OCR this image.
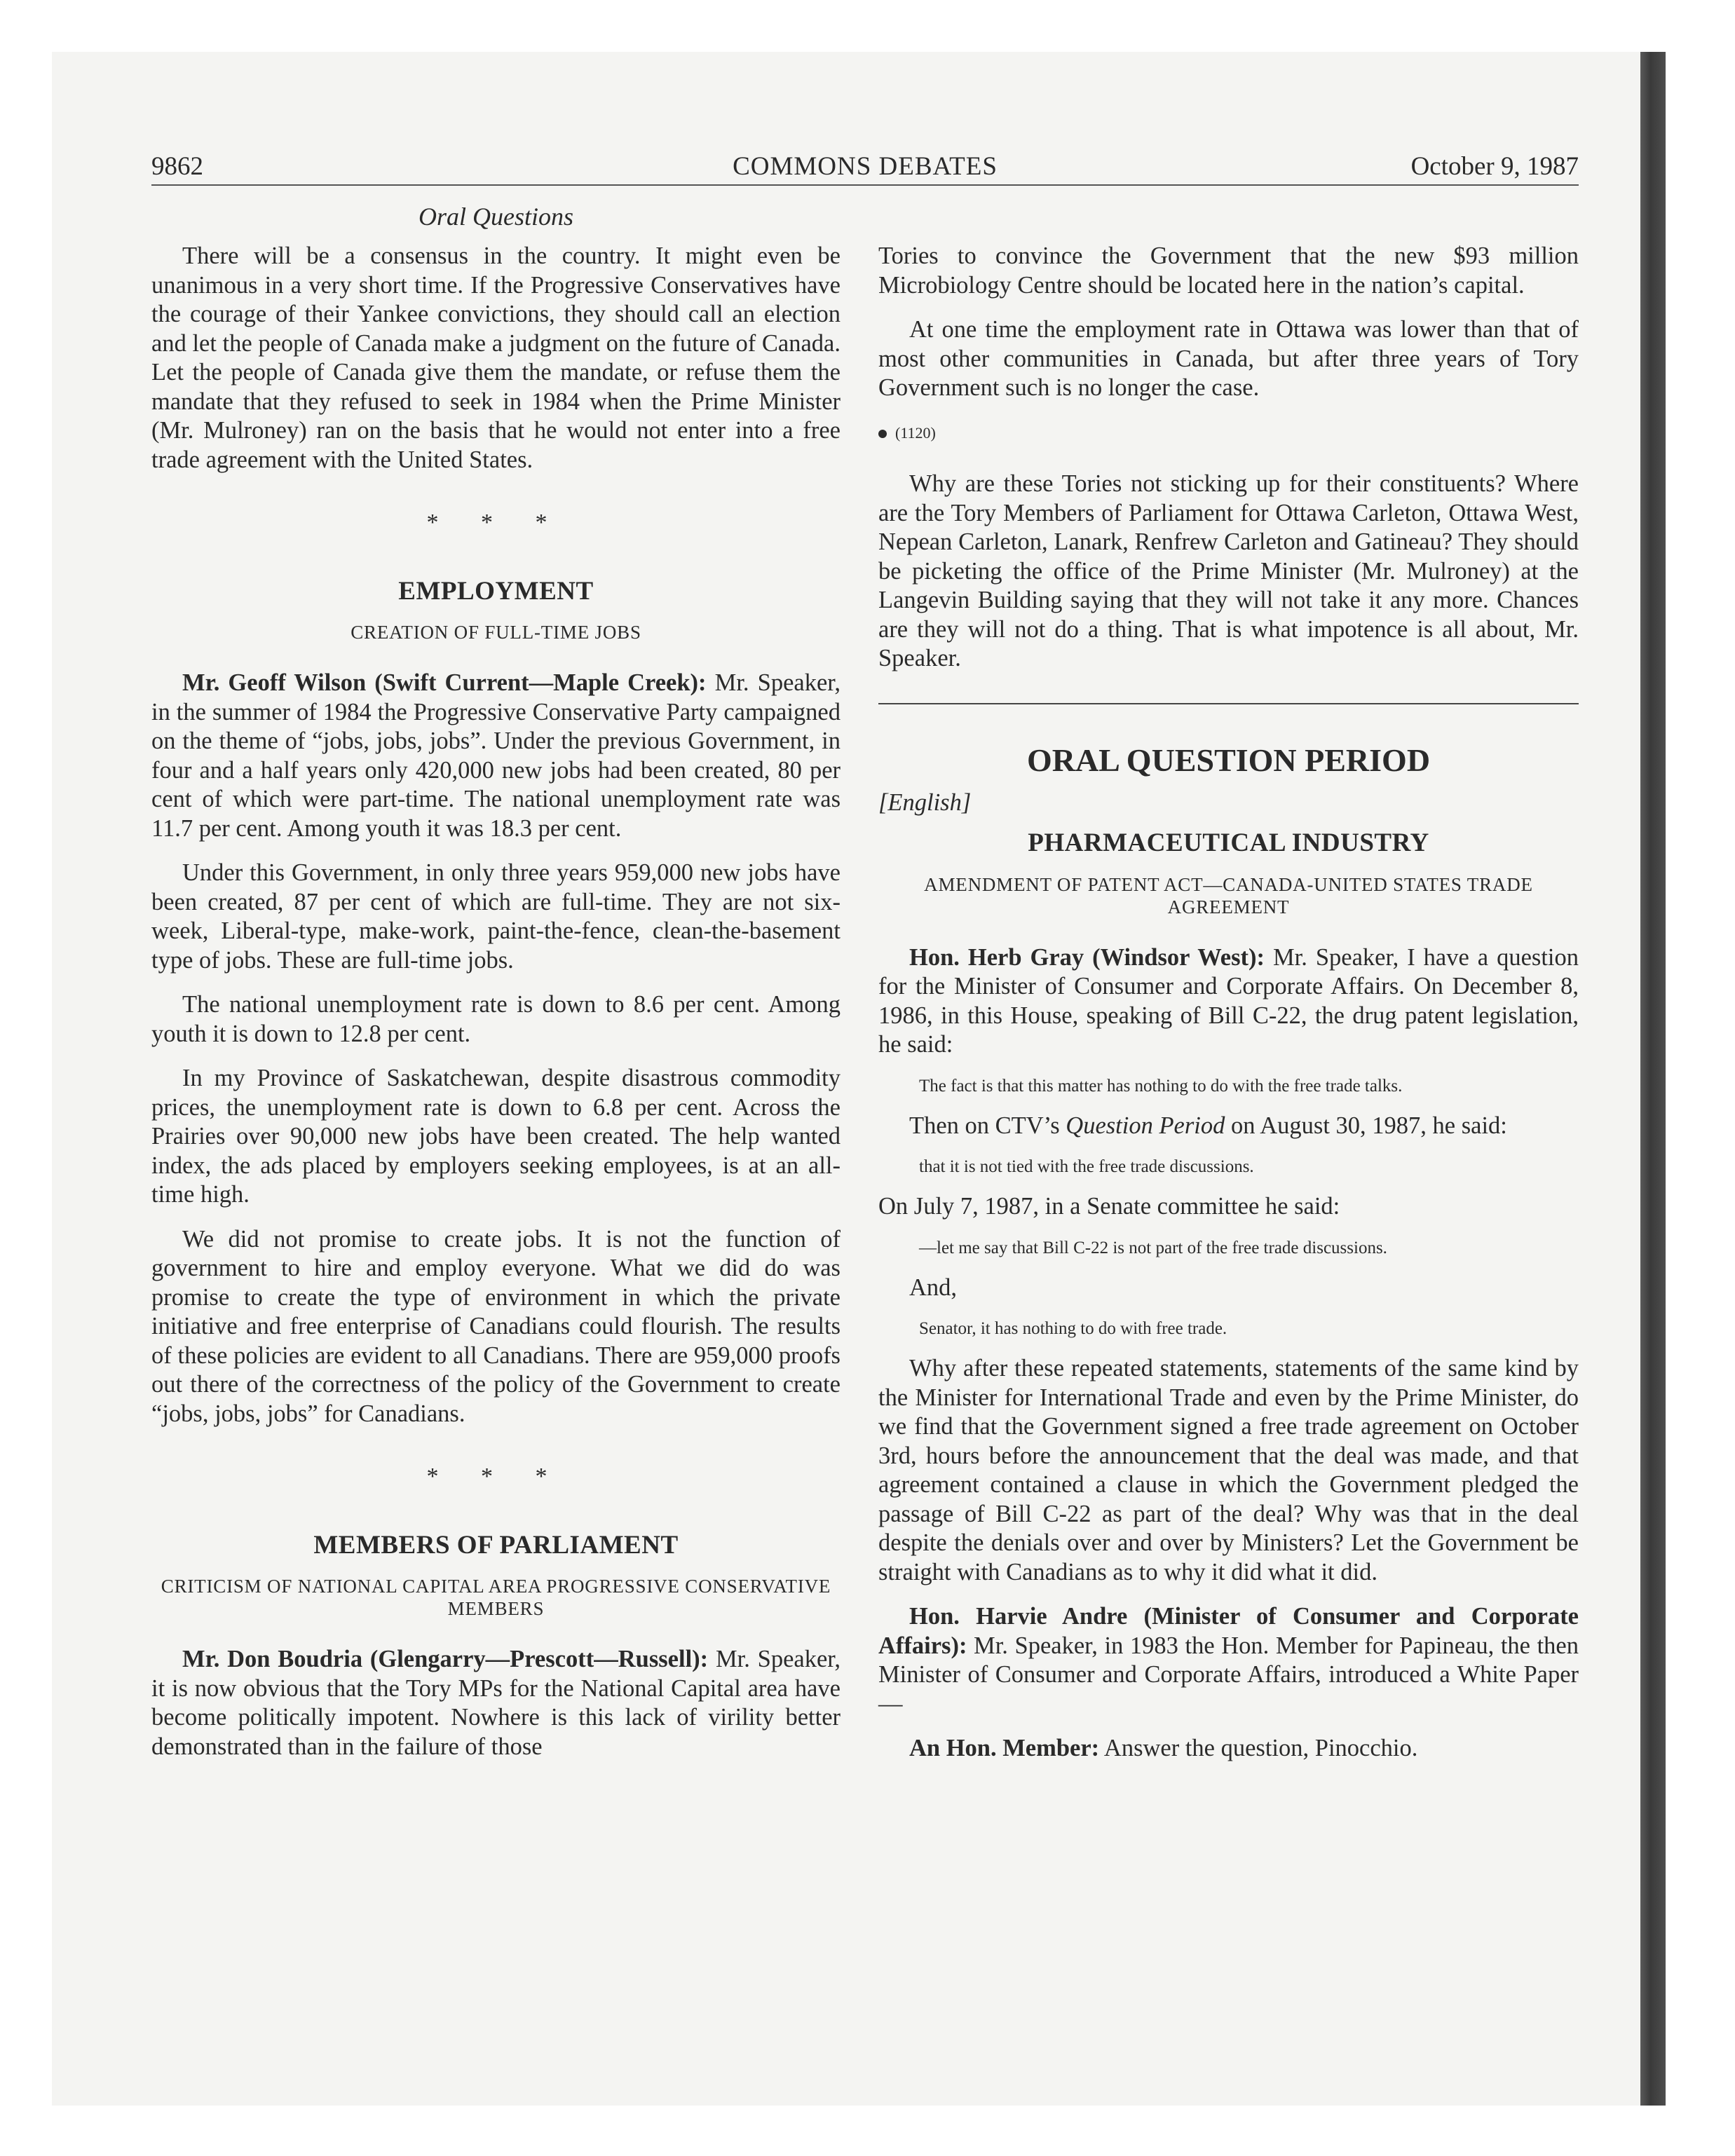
9862	COMMONS DEBATES	October 9, 1987
Oral Questions

There will be a consensus in the country. It might even be unanimous in a very short time. If the Progressive Conservatives have the courage of their Yankee convictions, they should call an election and let the people of Canada make a judgment on the future of Canada. Let the people of Canada give them the mandate, or refuse them the mandate that they refused to seek in 1984 when the Prime Minister (Mr. Mulroney) ran on the basis that he would not enter into a free trade agreement with the United States.

* * *
EMPLOYMENT
CREATION OF FULL-TIME JOBS

Mr. Geoff Wilson (Swift Current—Maple Creek): Mr. Speaker, in the summer of 1984 the Progressive Conservative Party campaigned on the theme of “jobs, jobs, jobs”. Under the previous Government, in four and a half years only 420,000 new jobs had been created, 80 per cent of which were part-time. The national unemployment rate was 11.7 per cent. Among youth it was 18.3 per cent.

Under this Government, in only three years 959,000 new jobs have been created, 87 per cent of which are full-time. They are not six-week, Liberal-type, make-work, paint-the-fence, clean-the-basement type of jobs. These are full-time jobs.

The national unemployment rate is down to 8.6 per cent. Among youth it is down to 12.8 per cent.

In my Province of Saskatchewan, despite disastrous commodity prices, the unemployment rate is down to 6.8 per cent. Across the Prairies over 90,000 new jobs have been created. The help wanted index, the ads placed by employers seeking employees, is at an all-time high.

We did not promise to create jobs. It is not the function of government to hire and employ everyone. What we did do was promise to create the type of environment in which the private initiative and free enterprise of Canadians could flourish. The results of these policies are evident to all Canadians. There are 959,000 proofs out there of the correctness of the policy of the Government to create “jobs, jobs, jobs” for Canadians.

* * *
MEMBERS OF PARLIAMENT
CRITICISM OF NATIONAL CAPITAL AREA PROGRESSIVE CONSERVATIVE MEMBERS

Mr. Don Boudria (Glengarry—Prescott—Russell): Mr. Speaker, it is now obvious that the Tory MPs for the National Capital area have become politically impotent. Nowhere is this lack of virility better demonstrated than in the failure of those

Tories to convince the Government that the new $93 million Microbiology Centre should be located here in the nation’s capital.

At one time the employment rate in Ottawa was lower than that of most other communities in Canada, but after three years of Tory Government such is no longer the case.

(1120)

Why are these Tories not sticking up for their constituents? Where are the Tory Members of Parliament for Ottawa Carleton, Ottawa West, Nepean Carleton, Lanark, Renfrew Carleton and Gatineau? They should be picketing the office of the Prime Minister (Mr. Mulroney) at the Langevin Building saying that they will not take it any more. Chances are they will not do a thing. That is what impotence is all about, Mr. Speaker.

ORAL QUESTION PERIOD
[English]
PHARMACEUTICAL INDUSTRY
AMENDMENT OF PATENT ACT—CANADA-UNITED STATES TRADE AGREEMENT

Hon. Herb Gray (Windsor West): Mr. Speaker, I have a question for the Minister of Consumer and Corporate Affairs. On December 8, 1986, in this House, speaking of Bill C-22, the drug patent legislation, he said:

The fact is that this matter has nothing to do with the free trade talks.

Then on CTV’s Question Period on August 30, 1987, he said:

that it is not tied with the free trade discussions.

On July 7, 1987, in a Senate committee he said:

—let me say that Bill C-22 is not part of the free trade discussions.

And,

Senator, it has nothing to do with free trade.

Why after these repeated statements, statements of the same kind by the Minister for International Trade and even by the Prime Minister, do we find that the Government signed a free trade agreement on October 3rd, hours before the announcement that the deal was made, and that agreement contained a clause in which the Government pledged the passage of Bill C-22 as part of the deal? Why was that in the deal despite the denials over and over by Ministers? Let the Government be straight with Canadians as to why it did what it did.

Hon. Harvie Andre (Minister of Consumer and Corporate Affairs): Mr. Speaker, in 1983 the Hon. Member for Papineau, the then Minister of Consumer and Corporate Affairs, introduced a White Paper—

An Hon. Member: Answer the question, Pinocchio.
